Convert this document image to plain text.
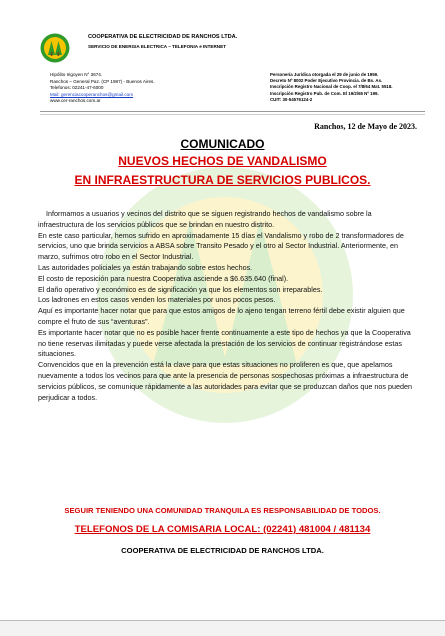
COOPERATIVA DE ELECTRICIDAD DE RANCHOS LTDA.
SERVICIO DE ENERGIA ELECTRICA – TELEFONIA e INTERNET
Hipólito Irigoyen N° 3674.
Ranchos – General Paz. (CP 1987) - Buenos Aires.
Telefonos: 02241-47-6000
Mail: gerenciacooperanchos@gmail.com
www.cer-ranchos.com.ar
Personería Jurídica otorgada el 29 de junio de 1959.
Decreto Nº 8002 Poder Ejecutivo Provincia. de Bs. As.
Inscripción Registro Nacional de Coop. el 7/8/64 Mat. 5518.
Inscripción Registro Pub. de Com. El 19/2/65 Nº 199.
CUIT: 30-54576124-2
Ranchos, 12 de Mayo de 2023.
COMUNICADO
NUEVOS HECHOS DE VANDALISMO
EN INFRAESTRUCTURA DE SERVICIOS PUBLICOS.

Informamos a usuarios y vecinos del distrito que se siguen registrando hechos de vandalismo sobre la infraestructura de los servicios públicos que se brindan en nuestro distrito.

En este caso particular, hemos sufrido en aproximadamente 15 días el Vandalismo y robo de 2 transformadores de servicios, uno que brinda servicios a ABSA sobre Transito Pesado y el otro al Sector Industrial. Anteriormente, en marzo, sufrimos otro robo en el Sector Industrial.

Las autoridades policiales ya están trabajando sobre estos hechos.

El costo de reposición para nuestra Cooperativa asciende a $6.635.640 (final).

El daño operativo y económico es de significación ya que los elementos son irreparables.

Los ladrones en estos casos venden los materiales por unos pocos pesos.

Aquí es importante hacer notar que para que estos amigos de lo ajeno tengan terreno fértil debe existir alguien que compre el fruto de sus “aventuras”.

Es importante hacer notar que no es posible hacer frente continuamente a este tipo de hechos ya que la Cooperativa no tiene reservas ilimitadas y puede verse afectada la prestación de los servicios de continuar registrándose estas situaciones.

Convencidos que en la prevención está la clave para que estas situaciones no proliferen es que, que apelamos nuevamente a todos los vecinos para que ante la presencia de personas sospechosas próximas a infraestructura de servicios públicos, se comunique rápidamente a las autoridades para evitar que se produzcan daños que nos pueden perjudicar a todos.

SEGUIR TENIENDO UNA COMUNIDAD TRANQUILA ES RESPONSABILIDAD DE TODOS.
TELEFONOS DE LA COMISARIA LOCAL: (02241) 481004 / 481134
COOPERATIVA DE ELECTRICIDAD DE RANCHOS LTDA.
